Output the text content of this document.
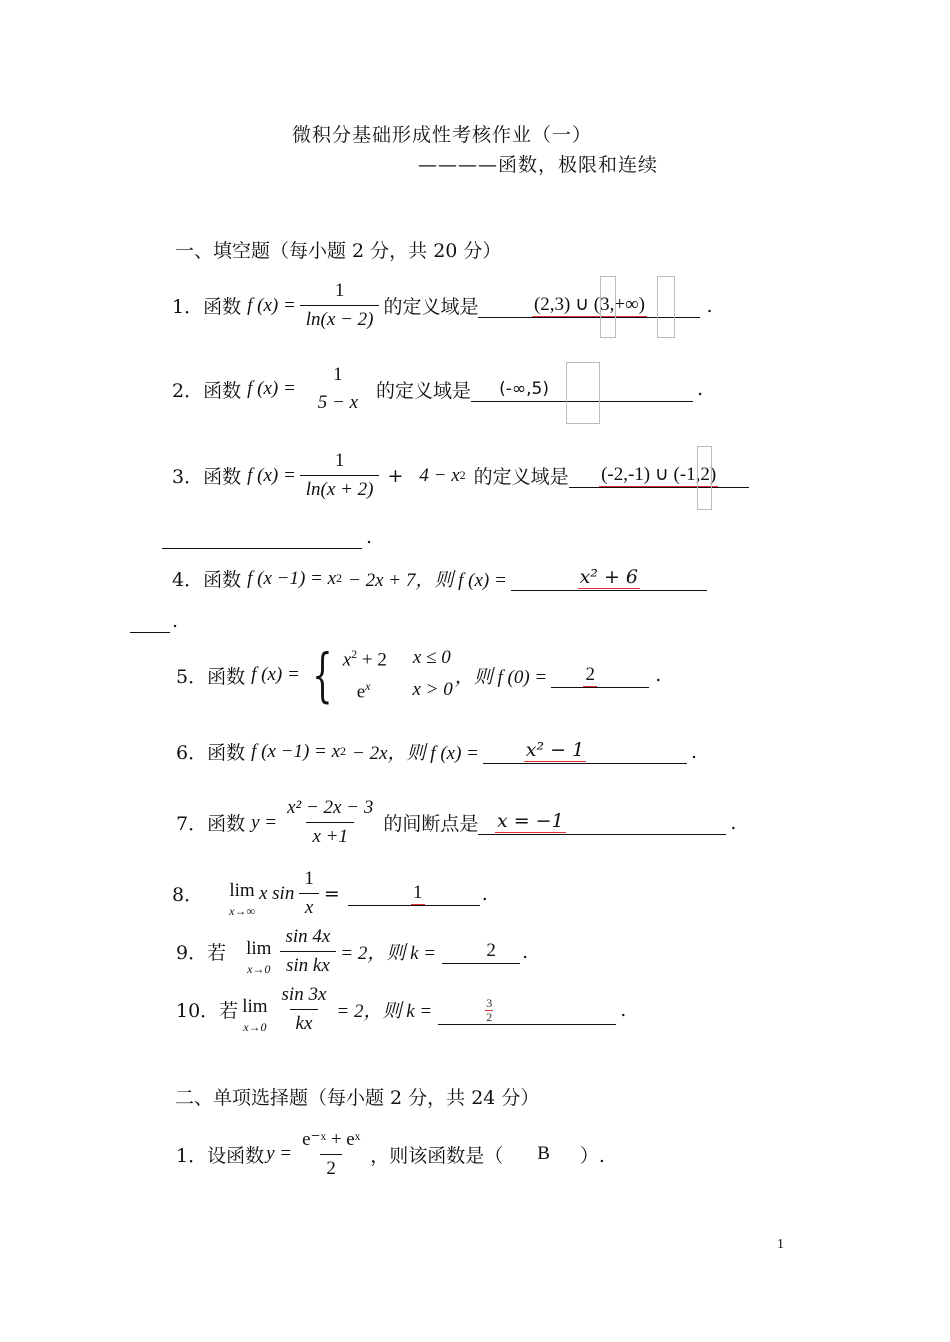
微积分基础形成性考核作业（一）
————函数，极限和连续
一、填空题（每小题 2 分，共 20 分）
1．函数 f $(x) = \frac{1}{\ln(x - 2)}$ 的定义域是	(2,3) ∪ (3,+∞)	.
2．函数 f (x) =
1
5 − x
的定义域是	(-∞,5)	.
3．函数 f $(x) = \frac{1}{\ln(x + 2)} + 4 - x$ 2 的定义域是	(-2,-1) ∪ (-1,2)
.
4．函数 f (x −1) = x 2 − 2x + 7，则 f (x) =	x² + 6
.
5．函数 f (x) = { $x^2 + 2$ x ≤ 0
$e^x$ x > 0
，则 f (0) =	2	.
6．函数 f (x −1) = x 2 − 2x，则 f (x) =	x² − 1	.
7．函数 $y = \frac{\text{x² − 2x − 3}}{x +1}$ 的间断点是 x = −1	.
8． lim
x→∞
x $\sin \frac{1}{x}$ =	1	.
9．若 lim
$x\to 0 \frac{\sin 4x}{\text{sin kx}} = 2$，则 k =	2	.
10．若 lim
$x\to 0 \frac{\sin 3x}{kx} = 2$，则 k =	$\frac{3}{2}$	.
二、单项选择题（每小题 2 分，共 24 分）
1．设函数 $y = \frac{\text{e⁻ˣ + eˣ}}{2}$ ，则该函数是（ B ）.
1
